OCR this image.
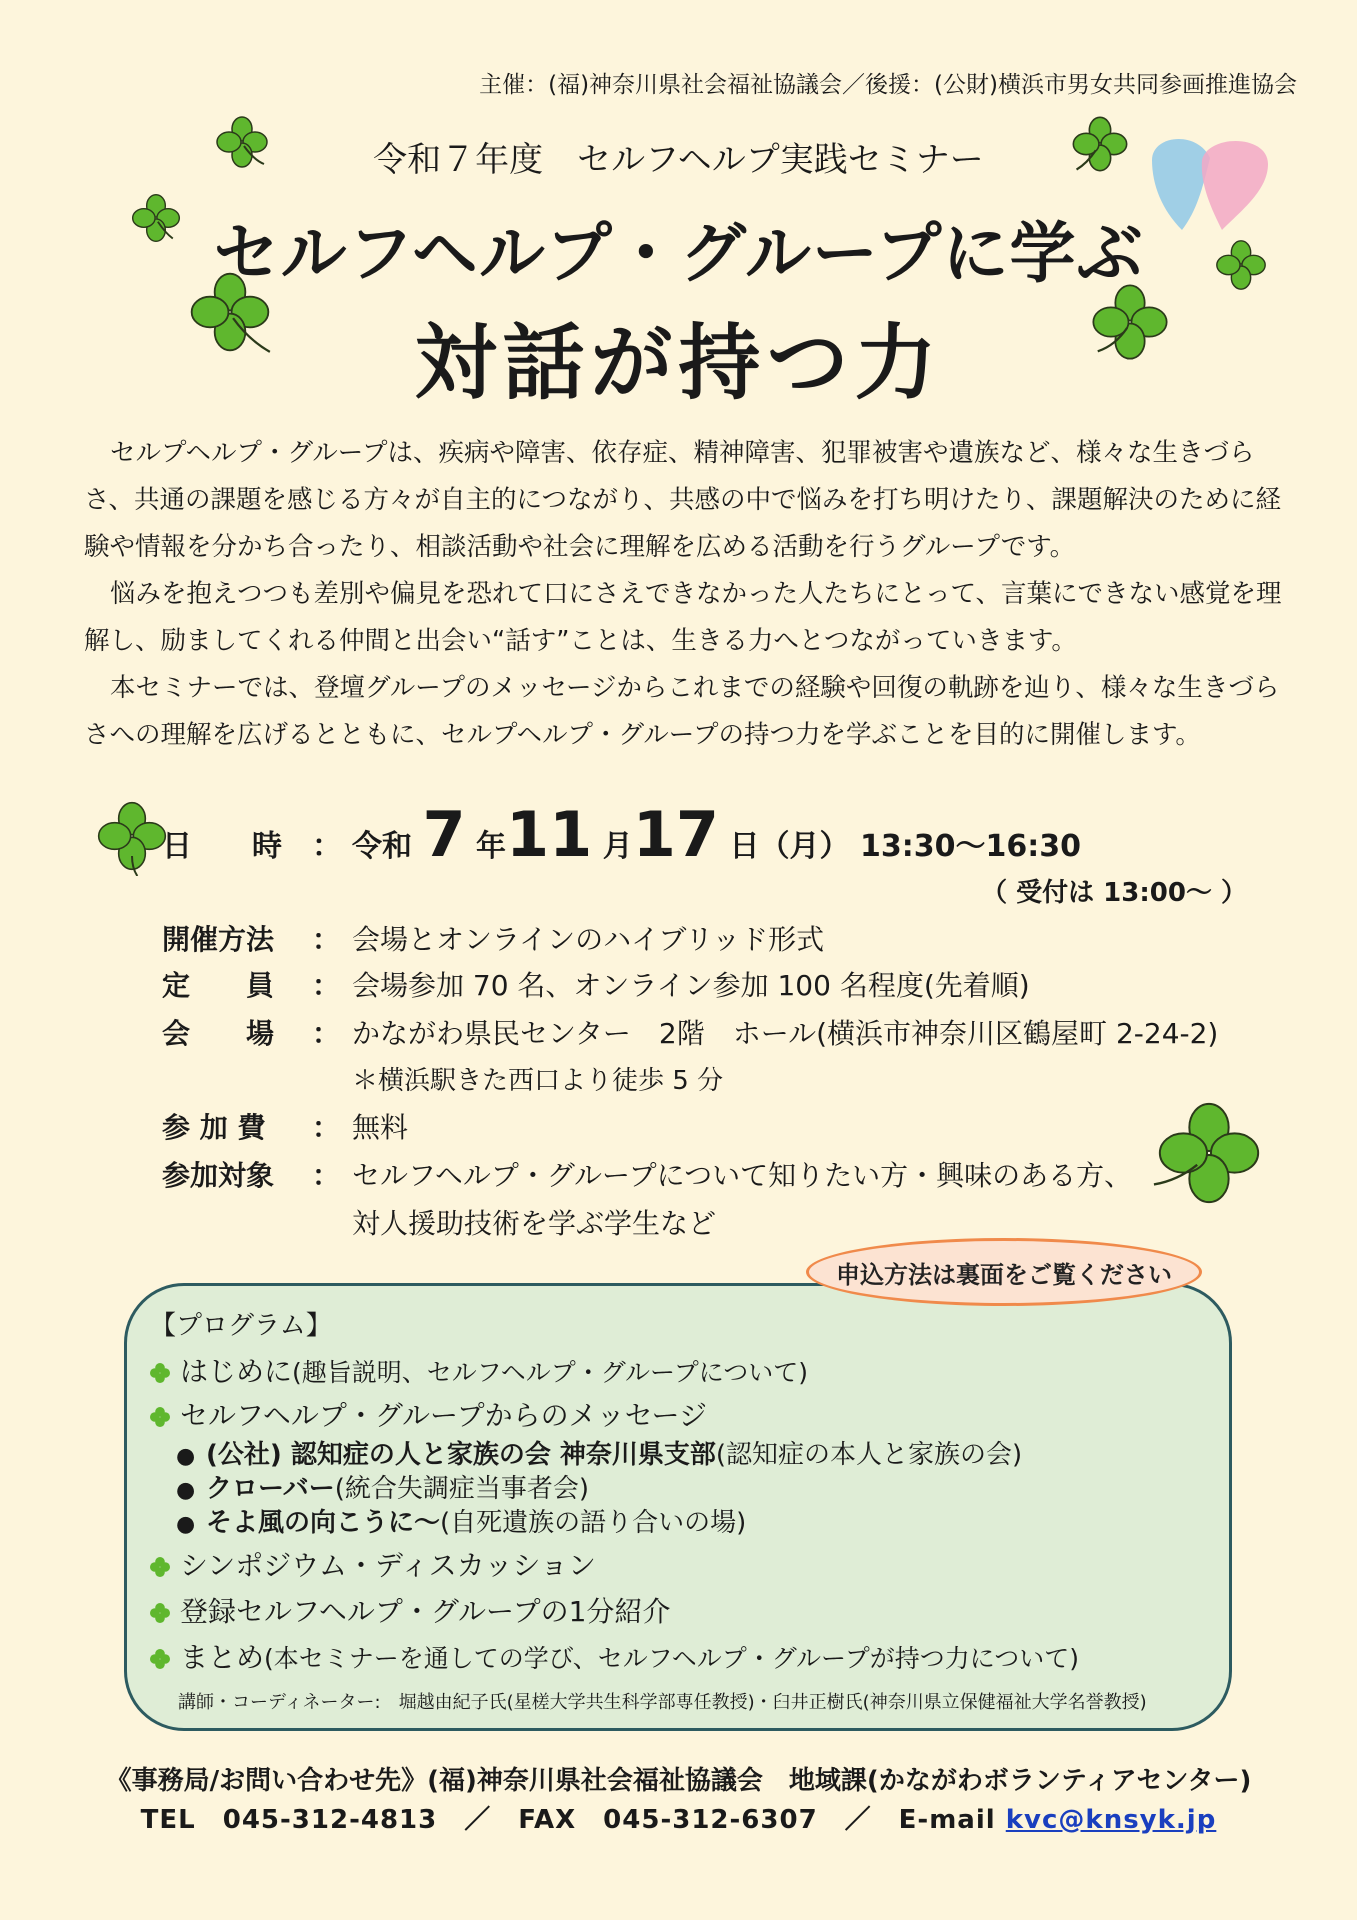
主催：(福)神奈川県社会福祉協議会／後援：(公財)横浜市男女共同参画推進協会
令和７年度　セルフヘルプ実践セミナー
セルフヘルプ・グループに学ぶ
対話が持つ力

セルプヘルプ・グループは、疾病や障害、依存症、精神障害、犯罪被害や遺族など、様々な生きづらさ、共通の課題を感じる方々が自主的につながり、共感の中で悩みを打ち明けたり、課題解決のために経験や情報を分かち合ったり、相談活動や社会に理解を広める活動を行うグループです。

悩みを抱えつつも差別や偏見を恐れて口にさえできなかった人たちにとって、言葉にできない感覚を理解し、励ましてくれる仲間と出会い“話す”ことは、生きる力へとつながっていきます。

本セミナーでは、登壇グループのメッセージからこれまでの経験や回復の軌跡を辿り、様々な生きづらさへの理解を広げるとともに、セルプヘルプ・グループの持つ力を学ぶことを目的に開催します。

日　　時 ： 令和 7 年11 月17 日（月） 13:30〜16:30
（ 受付は 13:00〜 ）
開催方法 ： 会場とオンラインのハイブリッド形式
定　　員 ： 会場参加 70 名、オンライン参加 100 名程度(先着順)
会　　場 ： かながわ県民センター　2階　ホール(横浜市神奈川区鶴屋町 2-24-2)
＊横浜駅きた西口より徒歩 5 分
参 加 費 ： 無料
参加対象 ： セルフヘルプ・グループについて知りたい方・興味のある方、
対人援助技術を学ぶ学生など
申込方法は裏面をご覧ください
【プログラム】
はじめに(趣旨説明、セルフヘルプ・グループについて)
セルフヘルプ・グループからのメッセージ
● (公社) 認知症の人と家族の会 神奈川県支部(認知症の本人と家族の会)
● クローバー(統合失調症当事者会)
● そよ風の向こうに〜(自死遺族の語り合いの場)
シンポジウム・ディスカッション
登録セルフヘルプ・グループの1分紹介
まとめ(本セミナーを通しての学び、セルフヘルプ・グループが持つ力について)
講師・コーディネーター:　堀越由紀子氏(星槎大学共生科学部専任教授)・臼井正樹氏(神奈川県立保健福祉大学名誉教授)
《事務局/お問い合わせ先》(福)神奈川県社会福祉協議会　地域課(かながわボランティアセンター)
TEL　045-312-4813　／　FAX　045-312-6307　／　E-mail kvc@knsyk.jp
